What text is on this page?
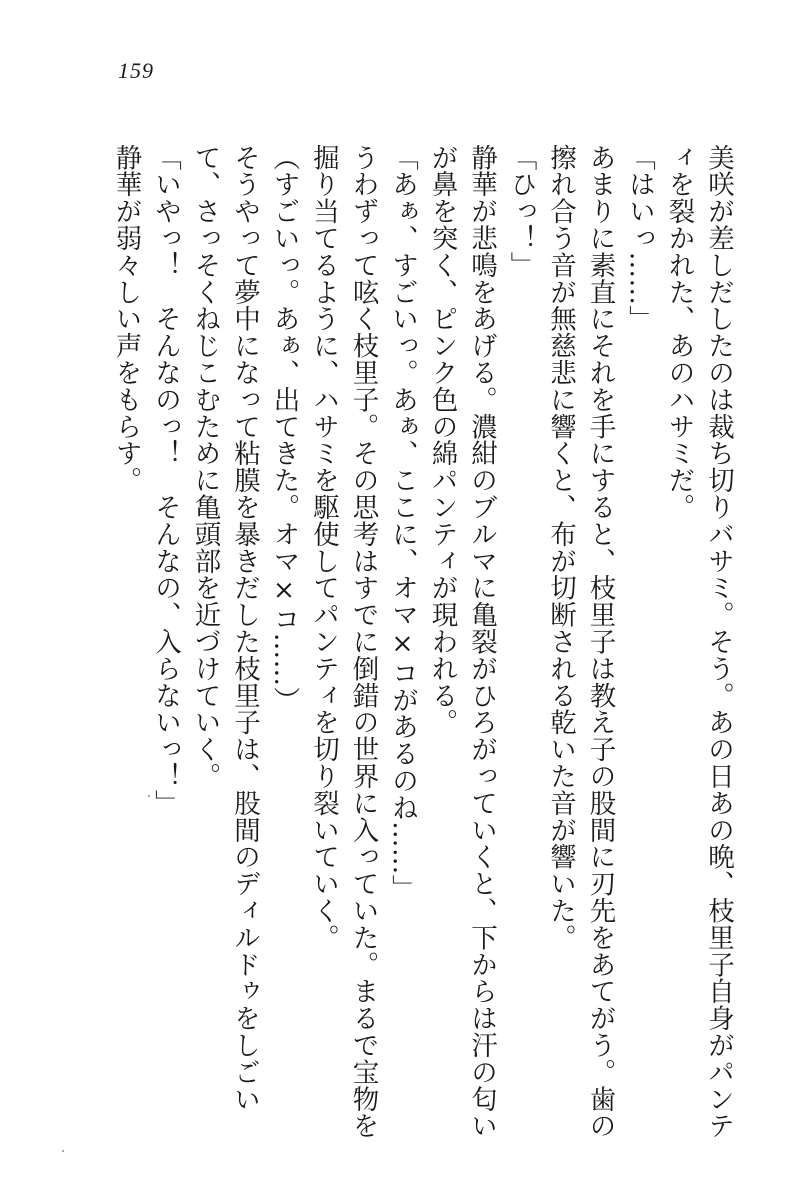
159

美咲が差しだしたのは裁ち切りバサミ。そう。あの日あの晩、枝里子自身がパンティを裂かれた、あのハサミだ。

「はいっ……」

あまりに素直にそれを手にすると、枝里子は教え子の股間に刃先をあてがう。歯の擦れ合う音が無慈悲に響くと、布が切断される乾いた音が響いた。

「ひっ！」

静華が悲鳴をあげる。濃紺のブルマに亀裂がひろがっていくと、下からは汗の匂いが鼻を突く、ピンク色の綿パンティが現われる。

「あぁ、すごいっ。あぁ、ここに、オマ×コがあるのね……」

うわずって呟く枝里子。その思考はすでに倒錯の世界に入っていた。まるで宝物を掘り当てるように、ハサミを駆使してパンティを切り裂いていく。

（すごいっ。あぁ、出てきた。オマ×コ……）

そうやって夢中になって粘膜を暴きだした枝里子は、股間のディルドゥをしごいて、さっそくねじこむために亀頭部を近づけていく。

「いやっ！　そんなのっ！　そんなの、入らないっ！」

静華が弱々しい声をもらす。
